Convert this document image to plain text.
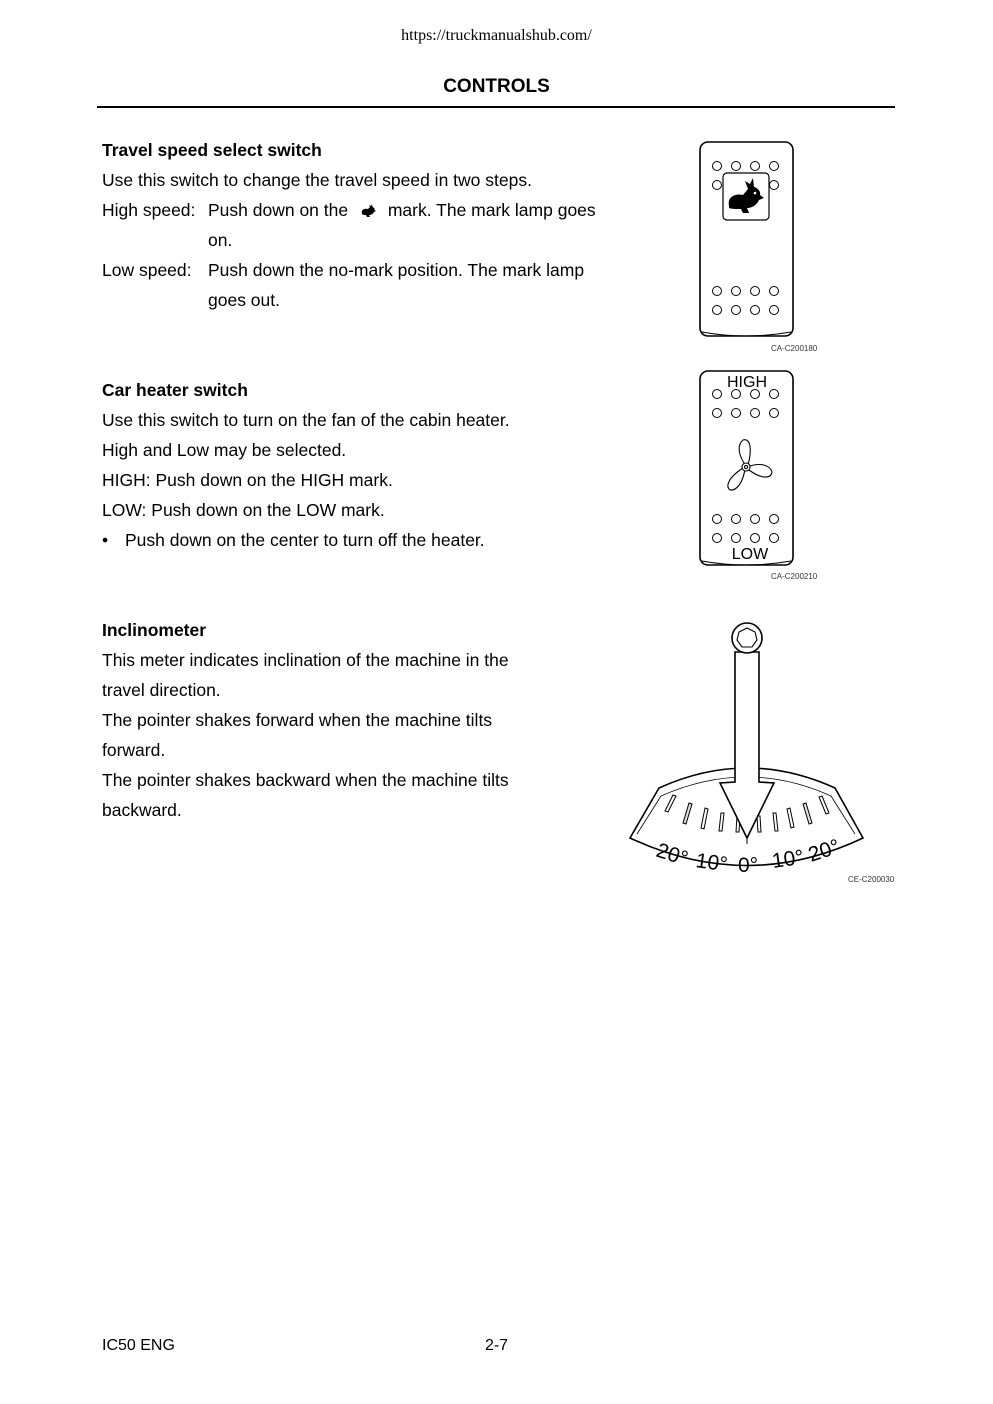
https://truckmanualshub.com/
CONTROLS
Travel speed select switch
Use this switch to change the travel speed in two steps.
High speed: Push down on the mark. The mark lamp goes on.
Low speed: Push down the no-mark position. The mark lamp goes out.
CA-C200180
Car heater switch
Use this switch to turn on the fan of the cabin heater.
High and Low may be selected.
HIGH: Push down on the HIGH mark.
LOW: Push down on the LOW mark.
• Push down on the center to turn off the heater.
HIGH
LOW
CA-C200210
Inclinometer
This meter indicates inclination of the machine in the travel direction.
The pointer shakes forward when the machine tilts forward.
The pointer shakes backward when the machine tilts backward.
20° 10° 0° 10° 20°
CE-C200030
IC50 ENG	2-7
